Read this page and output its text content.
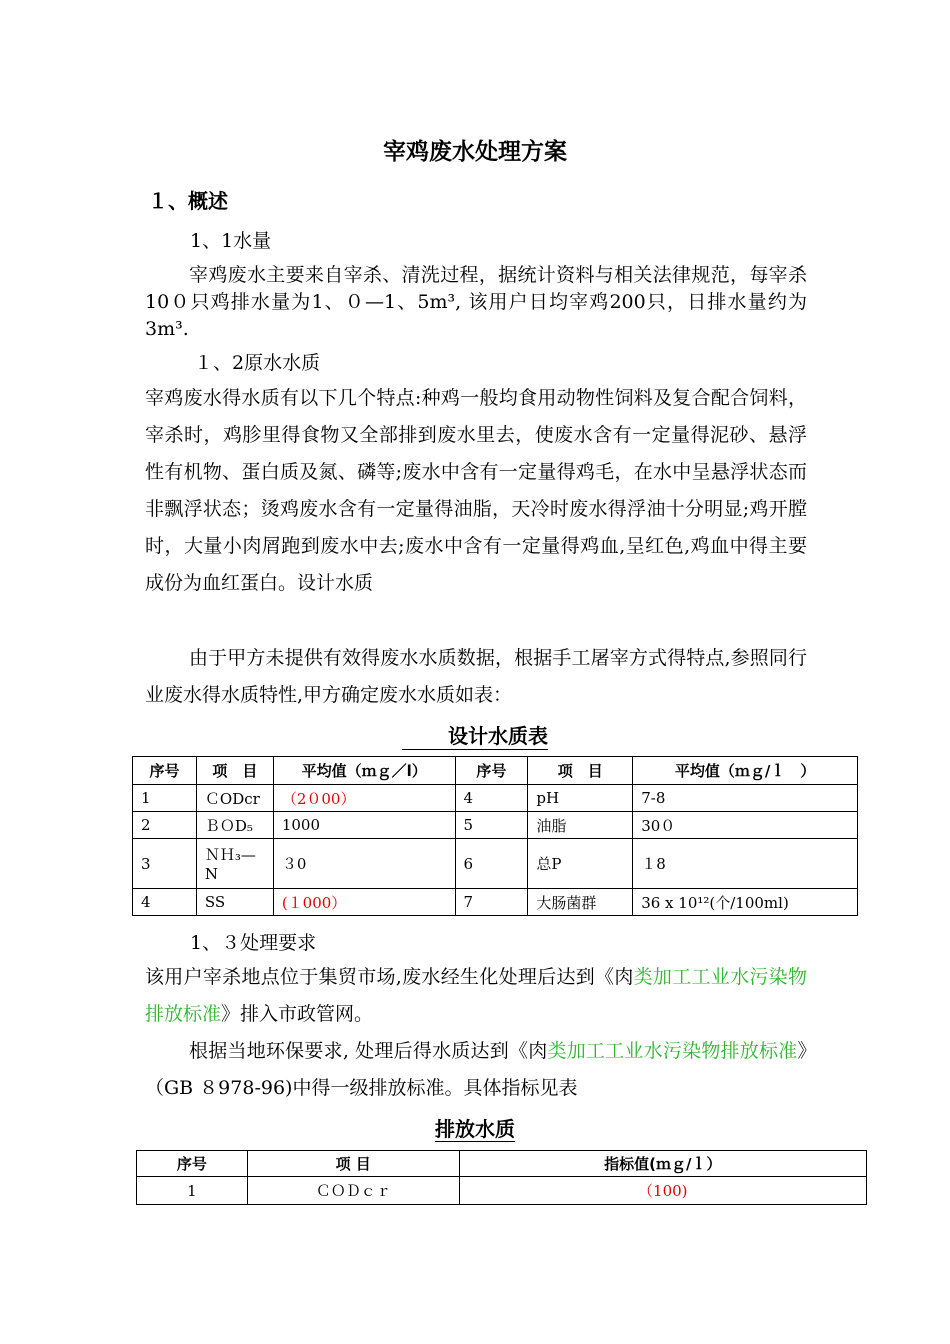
宰鸡废水处理方案
１、概述
1、1水量
宰鸡废水主要来自宰杀、清洗过程，据统计资料与相关法律规范，每宰杀10０只鸡排水量为1、０—1、5m³, 该用户日均宰鸡200只，日排水量约为3m³.
１、2原水水质
宰鸡废水得水质有以下几个特点:种鸡一般均食用动物性饲料及复合配合饲料，宰杀时，鸡胗里得食物又全部排到废水里去，使废水含有一定量得泥砂、悬浮性有机物、蛋白质及氮、磷等;废水中含有一定量得鸡毛，在水中呈悬浮状态而非飘浮状态；烫鸡废水含有一定量得油脂，天冷时废水得浮油十分明显;鸡开膛时，大量小肉屑跑到废水中去;废水中含有一定量得鸡血,呈红色,鸡血中得主要成份为血红蛋白。设计水质
由于甲方未提供有效得废水水质数据，根据手工屠宰方式得特点,参照同行业废水得水质特性,甲方确定废水水质如表：
设计水质表
序号	项　目	平均值（ｍｇ／l）	序号	项　目	平均值（ｍｇ/ｌ　）
1	ＣODcr	（2０00）	4	pH	7-8
2	ＢＯD₅	1000	5	油脂	30０
3	ＮＨ₃—N	３0	6	总P	１8
4	SS	(１000）	7	大肠菌群	36 x 10¹²(个/100ml)
1、３处理要求
该用户宰杀地点位于集贸市场,废水经生化处理后达到《肉类加工工业水污染物排放标准》排入市政管网。
根据当地环保要求, 处理后得水质达到《肉类加工工业水污染物排放标准》（GB ８978-96)中得一级排放标准。具体指标见表
排放水质
序号	项 目	指标值(ｍｇ/ｌ）
1	ＣＯＤｃｒ	（100)
